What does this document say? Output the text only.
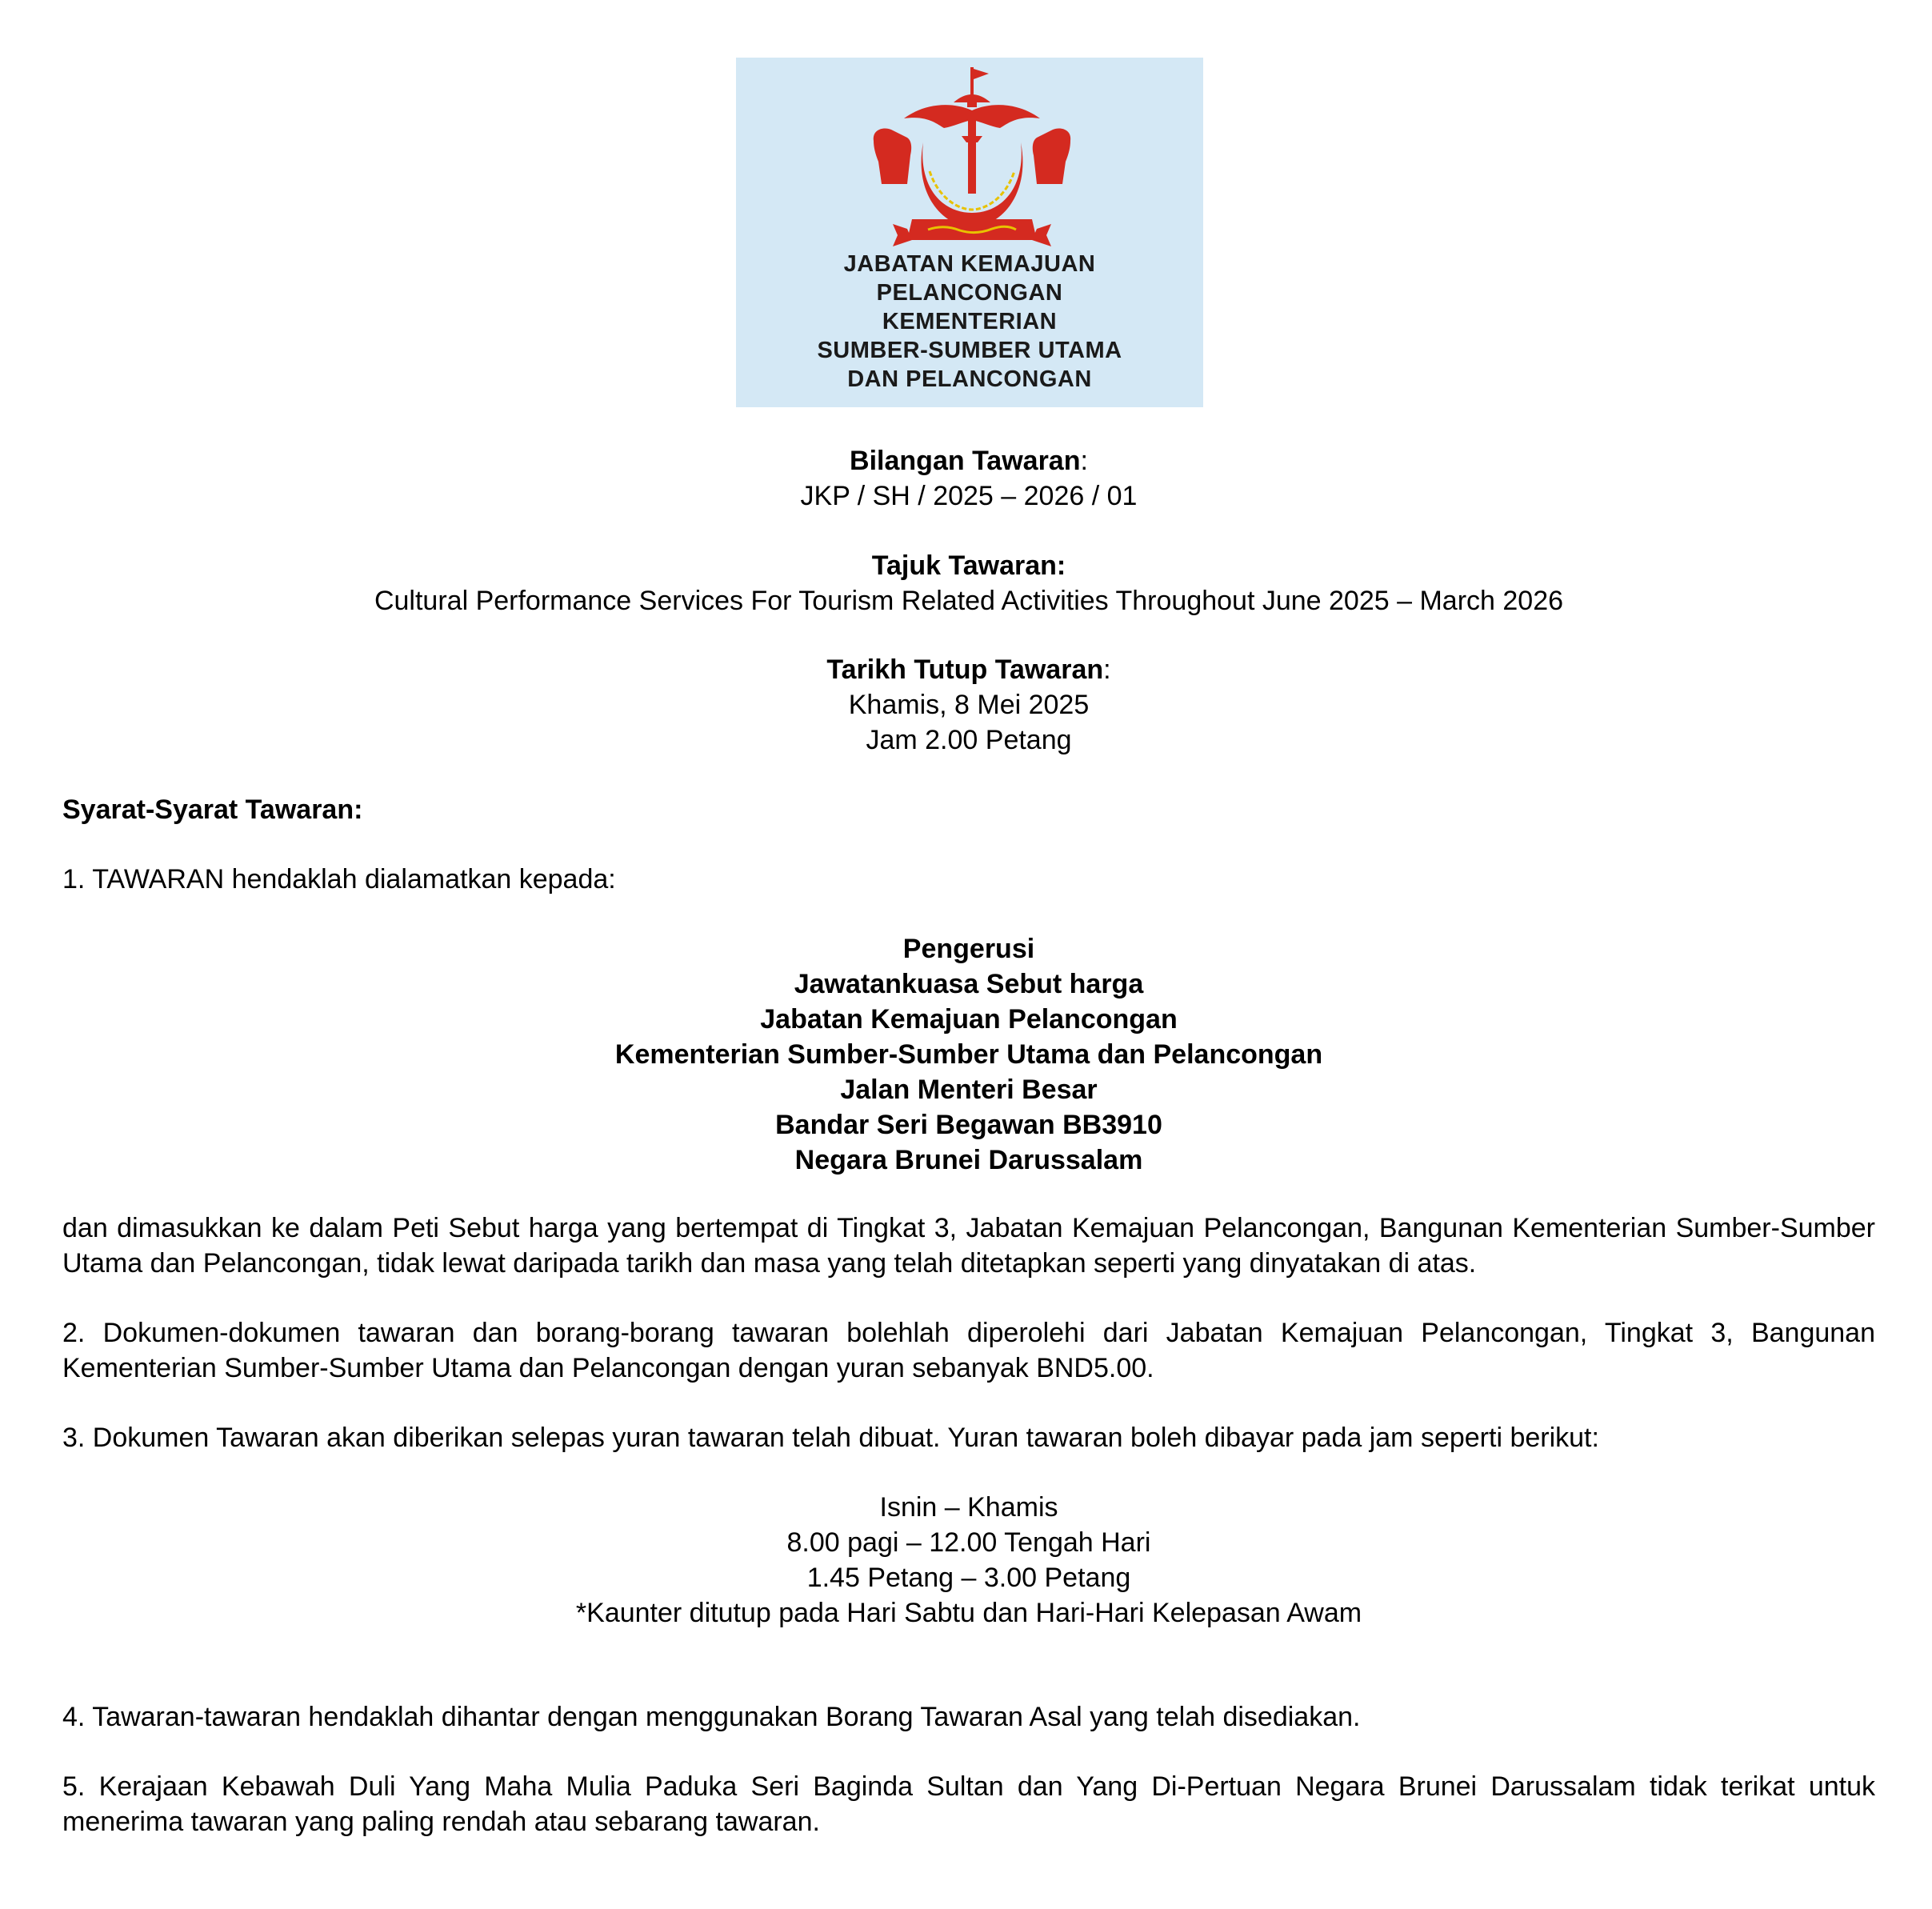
JABATAN KEMAJUAN
PELANCONGAN
KEMENTERIAN
SUMBER-SUMBER UTAMA
DAN PELANCONGAN
Bilangan Tawaran:
JKP / SH / 2025 – 2026 / 01
Tajuk Tawaran:
Cultural Performance Services For Tourism Related Activities Throughout June 2025 – March 2026
Tarikh Tutup Tawaran:
Khamis, 8 Mei 2025
Jam 2.00 Petang
Syarat-Syarat Tawaran:
1. TAWARAN hendaklah dialamatkan kepada:
Pengerusi
Jawatankuasa Sebut harga
Jabatan Kemajuan Pelancongan
Kementerian Sumber-Sumber Utama dan Pelancongan
Jalan Menteri Besar
Bandar Seri Begawan BB3910
Negara Brunei Darussalam
dan dimasukkan ke dalam Peti Sebut harga yang bertempat di Tingkat 3, Jabatan Kemajuan Pelancongan, Bangunan Kementerian Sumber-Sumber Utama dan Pelancongan, tidak lewat daripada tarikh dan masa yang telah ditetapkan seperti yang dinyatakan di atas.
2. Dokumen-dokumen tawaran dan borang-borang tawaran bolehlah diperolehi dari Jabatan Kemajuan Pelancongan, Tingkat 3, Bangunan Kementerian Sumber-Sumber Utama dan Pelancongan dengan yuran sebanyak BND5.00.
3. Dokumen Tawaran akan diberikan selepas yuran tawaran telah dibuat. Yuran tawaran boleh dibayar pada jam seperti berikut:
Isnin – Khamis
8.00 pagi – 12.00 Tengah Hari
1.45 Petang – 3.00 Petang
*Kaunter ditutup pada Hari Sabtu dan Hari-Hari Kelepasan Awam
4. Tawaran-tawaran hendaklah dihantar dengan menggunakan Borang Tawaran Asal yang telah disediakan.
5. Kerajaan Kebawah Duli Yang Maha Mulia Paduka Seri Baginda Sultan dan Yang Di-Pertuan Negara Brunei Darussalam tidak terikat untuk menerima tawaran yang paling rendah atau sebarang tawaran.
